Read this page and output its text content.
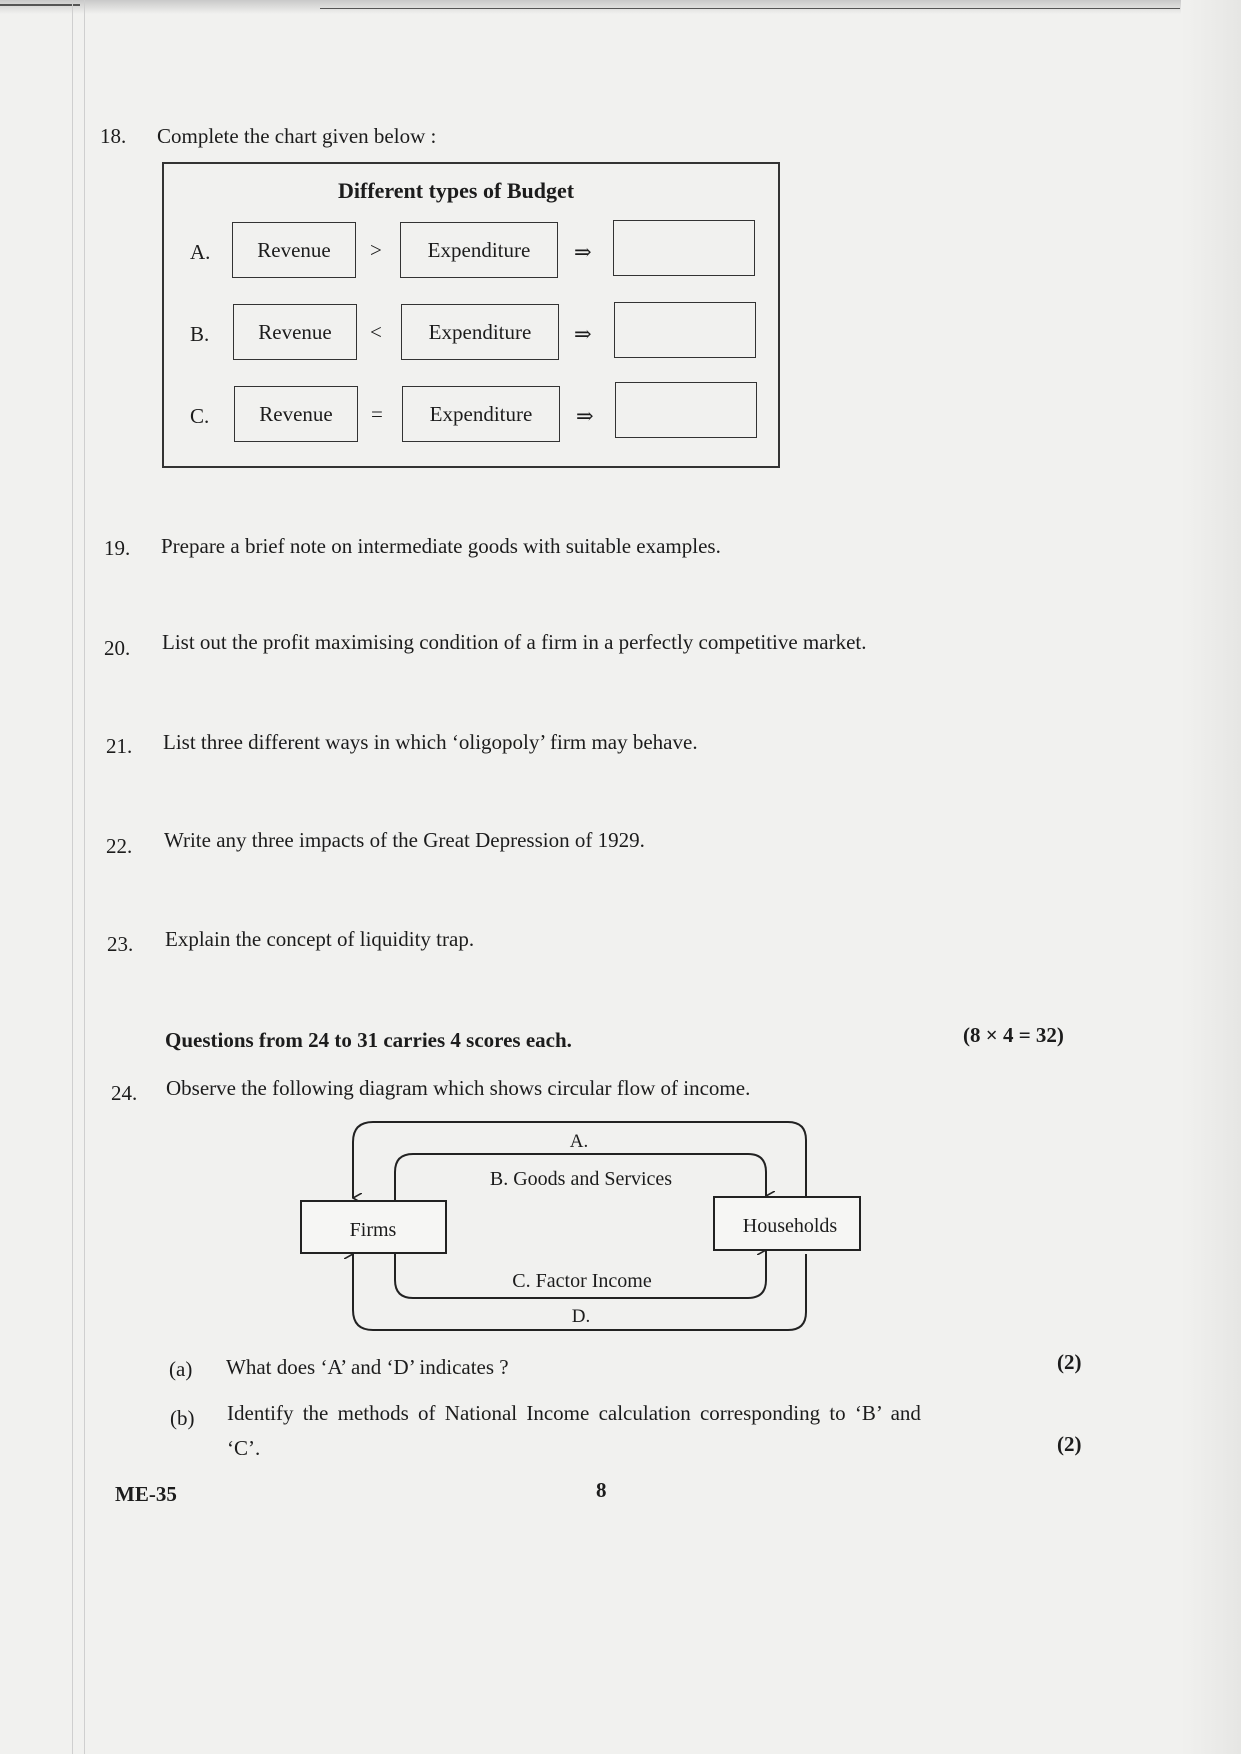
18. Complete the chart given below :
Different types of Budget
A.	Revenue	>	Expenditure	⇒
B.	Revenue	<	Expenditure	⇒
C.	Revenue	=	Expenditure	⇒
19. Prepare a brief note on intermediate goods with suitable examples.
20. List out the profit maximising condition of a firm in a perfectly competitive market.
21. List three different ways in which ‘oligopoly’ firm may behave.
22. Write any three impacts of the Great Depression of 1929.
23. Explain the concept of liquidity trap.
Questions from 24 to 31 carries 4 scores each.	(8 × 4 = 32)
24. Observe the following diagram which shows circular flow of income.
Firms	Households
A.
B. Goods and Services
C. Factor Income
D.
(a) What does ‘A’ and ‘D’ indicates ?	(2)
(b) Identify the methods of National Income calculation corresponding to ‘B’ and
‘C’.	(2)
ME-35	8
